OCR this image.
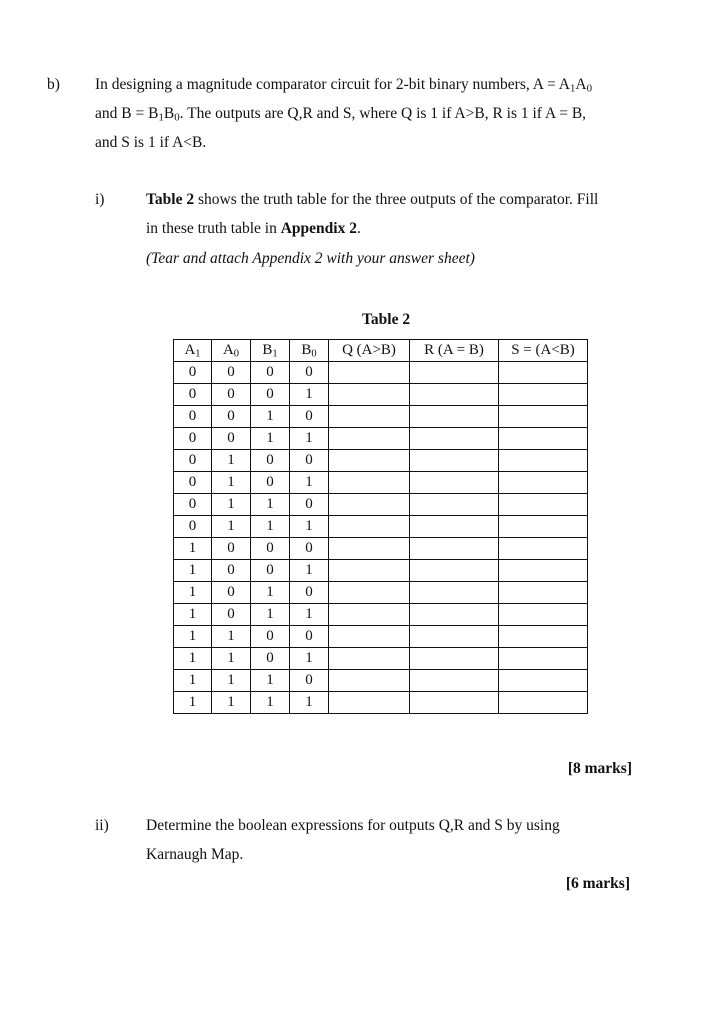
b) In designing a magnitude comparator circuit for 2-bit binary numbers, $A = A_1A_0$
and $B = B_1B_0$. The outputs are Q,R and S, where Q is 1 if A>B, R is 1 if A = B,
and S is 1 if A<B.
i)	Table 2 shows the truth table for the three outputs of the comparator. Fill
in these truth table in Appendix 2.
(Tear and attach Appendix 2 with your answer sheet)
Table 2
$A_1$	$A_0$	$B_1$	$B_0$	Q (A>B)	R (A = B)	S = (A<B)
0	0	0	0			
0	0	0	1			
0	0	1	0			
0	0	1	1			
0	1	0	0			
0	1	0	1			
0	1	1	0			
0	1	1	1			
1	0	0	0			
1	0	0	1			
1	0	1	0			
1	0	1	1			
1	1	0	0			
1	1	0	1			
1	1	1	0			
1	1	1	1			
[8 marks]
ii) Determine the boolean expressions for outputs Q,R and S by using
Karnaugh Map.
[6 marks]
